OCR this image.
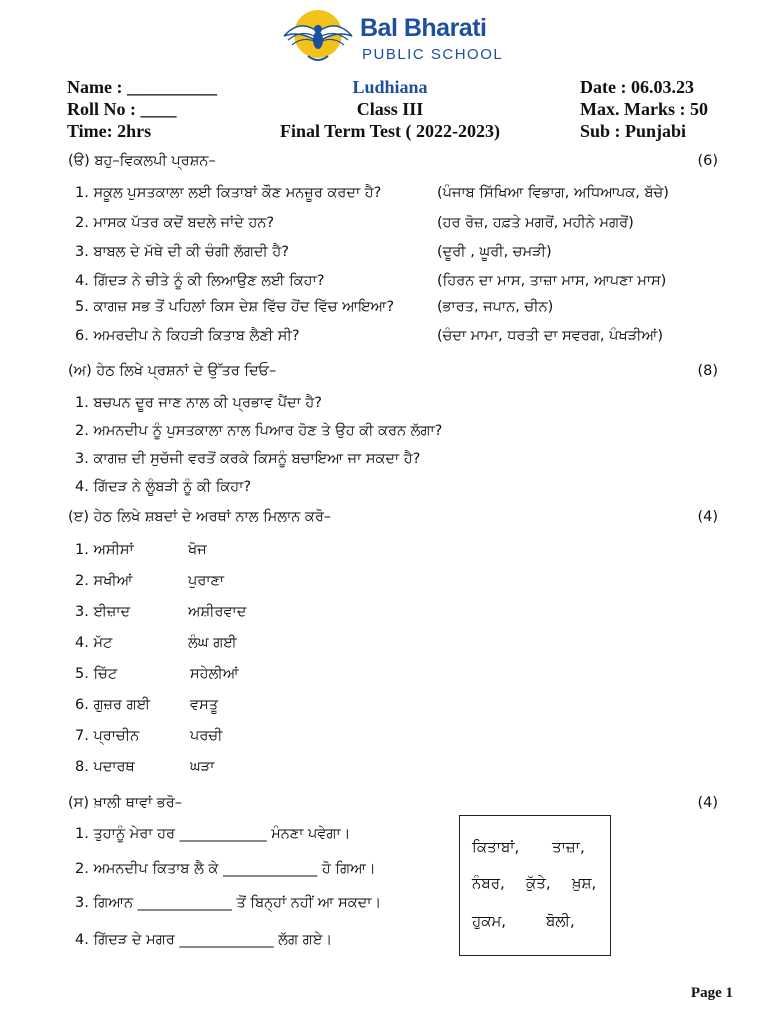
Bal Bharati
PUBLIC SCHOOL
Name : __________
Roll No : ____
Time: 2hrs
Ludhiana
Class III
Final Term Test ( 2022-2023)
Date : 06.03.23
Max. Marks : 50
Sub : Punjabi
(ੳ) ਬਹੁ–ਵਿਕਲਪੀ ਪ੍ਰਸ਼ਨ–	(6)
1. ਸਕੂਲ ਪੁਸਤਕਾਲਾ ਲਈ ਕਿਤਾਬਾਂ ਕੌਣ ਮਨਜ਼ੂਰ ਕਰਦਾ ਹੈ?	(ਪੰਜਾਬ ਸਿੱਖਿਆ ਵਿਭਾਗ, ਅਧਿਆਪਕ, ਬੱਚੇ)
2. ਮਾਸਕ ਪੱਤਰ ਕਦੋਂ ਬਦਲੇ ਜਾਂਦੇ ਹਨ?	(ਹਰ ਰੋਜ਼, ਹਫ਼ਤੇ ਮਗਰੋਂ, ਮਹੀਨੇ ਮਗਰੋਂ)
3. ਬਾਬਲ ਦੇ ਮੱਥੇ ਦੀ ਕੀ ਚੰਗੀ ਲੱਗਦੀ ਹੈ?	(ਦੂਰੀ , ਘੂਰੀ, ਚਮੜੀ)
4. ਗਿੱਦੜ ਨੇ ਚੀਤੇ ਨੂੰ ਕੀ ਲਿਆਉਣ ਲਈ ਕਿਹਾ?	(ਹਿਰਨ ਦਾ ਮਾਸ, ਤਾਜ਼ਾ ਮਾਸ, ਆਪਣਾ ਮਾਸ)
5. ਕਾਗਜ਼ ਸਭ ਤੋਂ ਪਹਿਲਾਂ ਕਿਸ ਦੇਸ਼ ਵਿੱਚ ਹੋਂਦ ਵਿੱਚ ਆਇਆ?	(ਭਾਰਤ, ਜਪਾਨ, ਚੀਨ)
6. ਅਮਰਦੀਪ ਨੇ ਕਿਹੜੀ ਕਿਤਾਬ ਲੈਣੀ ਸੀ?	(ਚੰਦਾ ਮਾਮਾ, ਧਰਤੀ ਦਾ ਸਵਰਗ, ਪੰਖੜੀਆਂ)
(ਅ) ਹੇਠ ਲਿਖੇ ਪ੍ਰਸ਼ਨਾਂ ਦੇ ਉੱਤਰ ਦਿਓ–	(8)
1. ਬਚਪਨ ਦੂਰ ਜਾਣ ਨਾਲ ਕੀ ਪ੍ਰਭਾਵ ਪੈਂਦਾ ਹੈ?
2. ਅਮਨਦੀਪ ਨੂੰ ਪੁਸਤਕਾਲਾ ਨਾਲ ਪਿਆਰ ਹੋਣ ਤੇ ਉਹ ਕੀ ਕਰਨ ਲੱਗਾ?
3. ਕਾਗਜ਼ ਦੀ ਸੁਚੱਜੀ ਵਰਤੋਂ ਕਰਕੇ ਕਿਸਨੂੰ ਬਚਾਇਆ ਜਾ ਸਕਦਾ ਹੈ?
4. ਗਿੱਦੜ ਨੇ ਲੂੰਬੜੀ ਨੂੰ ਕੀ ਕਿਹਾ?
(ੲ) ਹੇਠ ਲਿਖੇ ਸ਼ਬਦਾਂ ਦੇ ਅਰਥਾਂ ਨਾਲ ਮਿਲਾਨ ਕਰੋ–	(4)
1. ਅਸੀਸਾਂ	ਖੋਜ
2. ਸਖੀਆਂ	ਪੁਰਾਣਾ
3. ਈਜ਼ਾਦ	ਅਸ਼ੀਰਵਾਦ
4. ਮੱਟ	ਲੰਘ ਗਈ
5. ਚਿੱਟ	ਸਹੇਲੀਆਂ
6. ਗੁਜ਼ਰ ਗਈ	ਵਸਤੂ
7. ਪ੍ਰਾਚੀਨ	ਪਰਚੀ
8. ਪਦਾਰਥ	ਘੜਾ
(ਸ) ਖ਼ਾਲੀ ਥਾਵਾਂ ਭਰੋ–	(4)
1. ਤੁਹਾਨੂੰ ਮੇਰਾ ਹਰ ____________ ਮੰਨਣਾ ਪਵੇਗਾ।
2. ਅਮਨਦੀਪ ਕਿਤਾਬ ਲੈ ਕੇ _____________ ਹੋ ਗਿਆ।
3. ਗਿਆਨ _____________ ਤੋਂ ਬਿਨ੍ਹਾਂ ਨਹੀਂ ਆ ਸਕਦਾ।
4. ਗਿੱਦੜ ਦੇ ਮਗਰ _____________ ਲੱਗ ਗਏ।
ਕਿਤਾਬਾਂ, ਤਾਜ਼ਾ,
ਨੰਬਰ, ਕੁੱਤੇ, ਖ਼ੁਸ਼,
ਹੁਕਮ,	ਬੋਲੀ,
Page 1
